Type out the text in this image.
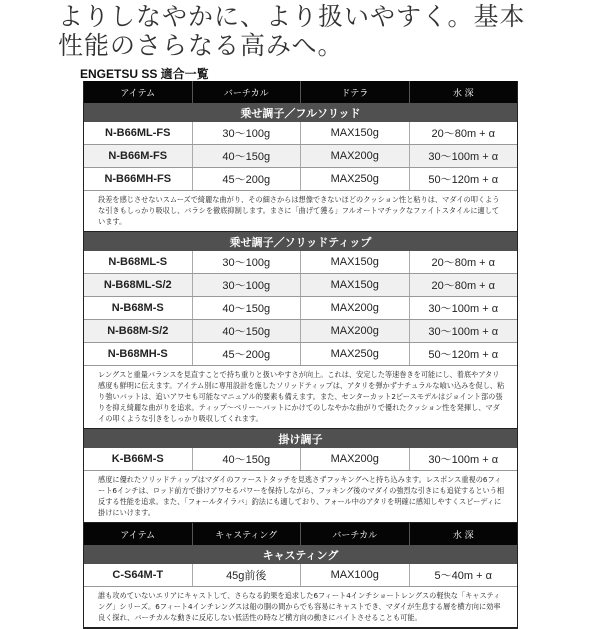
よりしなやかに、より扱いやすく。基本性能のさらなる高みへ。
ENGETSU SS 適合一覧
アイテム	バーチカル	ドテラ	水 深
乗せ調子／フルソリッド
N-B66ML-FS	30～100g	MAX150g	20～80m + α
N-B66M-FS	40～150g	MAX200g	30～100m + α
N-B66MH-FS	45～200g	MAX250g	50～120m + α
段差を感じさせないスムーズで綺麗な曲がり、その細さからは想像できないほどのクッション性と粘りは、マダイの叩くような引きもしっかり吸収し、バラシを徹底抑制します。まさに「曲げて獲る」フルオートマチックなファイトスタイルに適しています。
乗せ調子／ソリッドティップ
N-B68ML-S	30～100g	MAX150g	20～80m + α
N-B68ML-S/2	30～100g	MAX150g	20～80m + α
N-B68M-S	40～150g	MAX200g	30～100m + α
N-B68M-S/2	40～150g	MAX200g	30～100m + α
N-B68MH-S	45～200g	MAX250g	50～120m + α
レングスと重量バランスを見直すことで持ち重りと扱いやすさが向上。これは、安定した等速巻きを可能にし、着底やアタリ感度も鮮明に伝えます。アイテム別に専用設計を施したソリッドティップは、アタリを弾かずナチュラルな喰い込みを促し、粘り強いバットは、追いアワセも可能なマニュアル的要素も備えます。また、センターカット2ピースモデルはジョイント部の張りを抑え綺麗な曲がりを追求。ティップ～ベリー～バットにかけてのしなやかな曲がりで優れたクッション性を発揮し、マダイの叩くような引きをしっかり吸収してくれます。
掛け調子
K-B66M-S	40～150g	MAX200g	30～100m + α
感度に優れたソリッドティップはマダイのファーストタッチを見逃さずフッキングへと持ち込みます。レスポンス重視の6フィート6インチは、ロッド前方で掛けアワセるパワーを保持しながら、フッキング後のマダイの強烈な引きにも追従するという相反する性能を追求。また、「フォールタイラバ」釣法にも適しており、フォール中のアタリを明確に感知しやすくスピーディに掛けにいけます。
アイテム	キャスティング	バーチカル	水 深
キャスティング
C-S64M-T	45g前後	MAX100g	5～40m + α
誰も攻めていないエリアにキャストして、さらなる釣果を追求した6フィート4インチショートレングスの軽快な「キャスティング」シリーズ。6フィート4インチレングスは船の胴の間からでも容易にキャストでき、マダイが生息する層を横方向に効率良く探れ、バーチカルな動きに反応しない低活性の時など横方向の動きにバイトさせることも可能。
